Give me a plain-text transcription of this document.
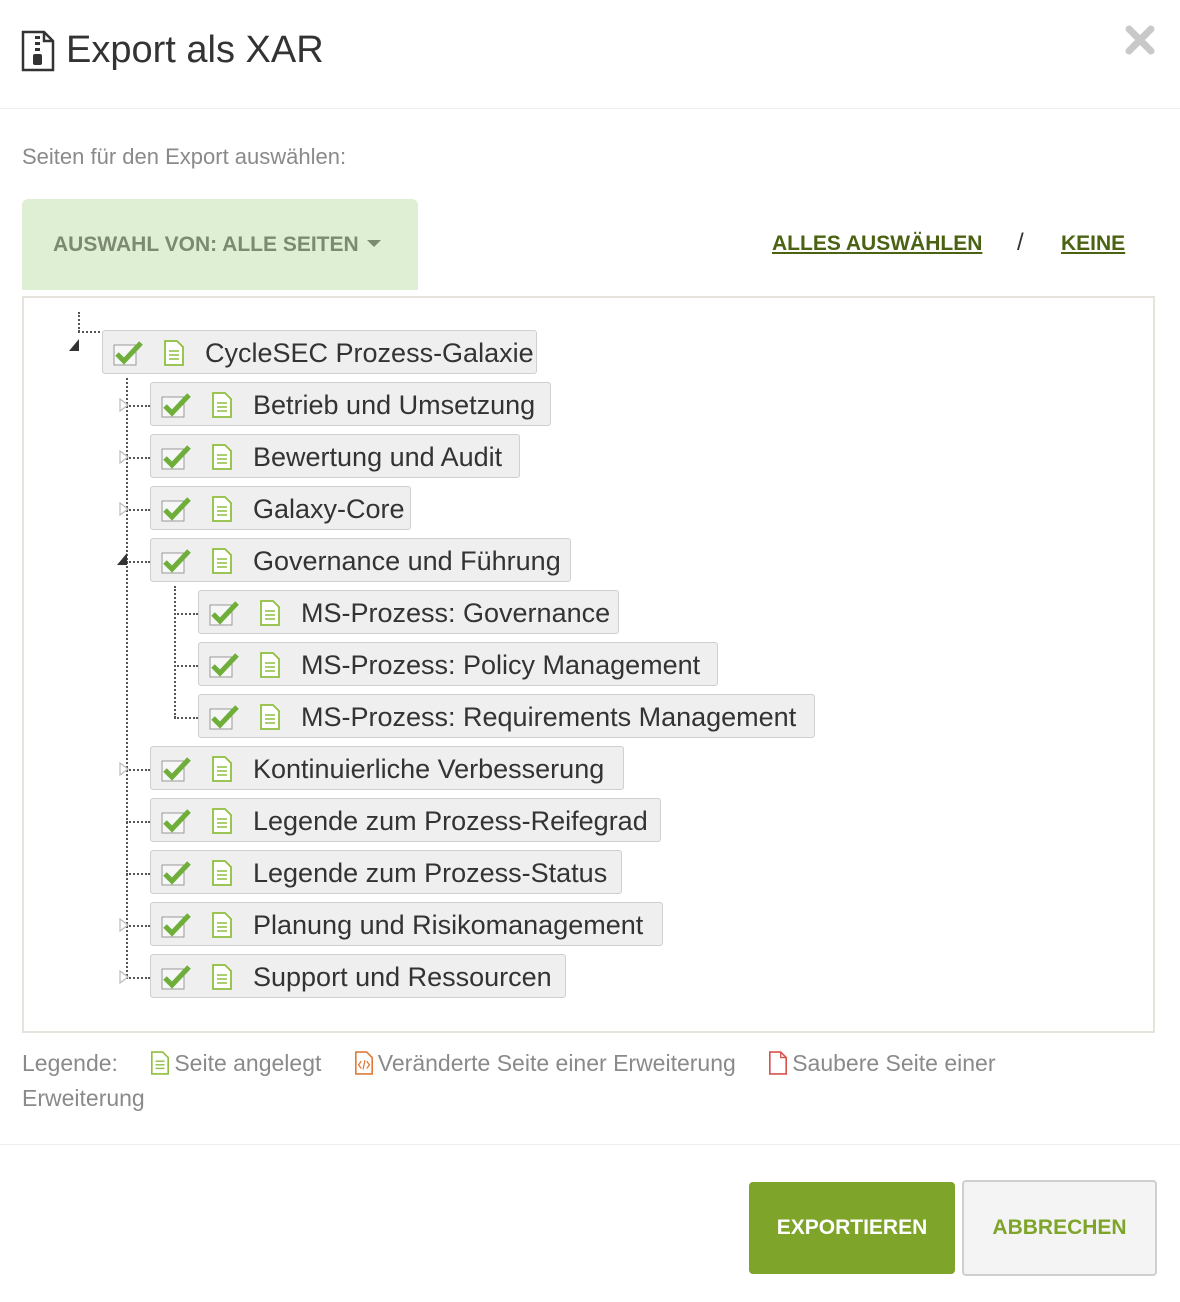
Export als XAR
Seiten für den Export auswählen:
AUSWAHL VON: ALLE SEITEN	ALLES AUSWÄHLEN / KEINE
CycleSEC Prozess-Galaxie
Betrieb und Umsetzung
Bewertung und Audit
Galaxy-Core
Governance und Führung
MS-Prozess: Governance
MS-Prozess: Policy Management
MS-Prozess: Requirements Management
Kontinuierliche Verbesserung
Legende zum Prozess-Reifegrad
Legende zum Prozess-Status
Planung und Risikomanagement
Support und Ressourcen
Legende: Seite angelegt Veränderte Seite einer Erweiterung Saubere Seite einer Erweiterung
EXPORTIEREN	ABBRECHEN
